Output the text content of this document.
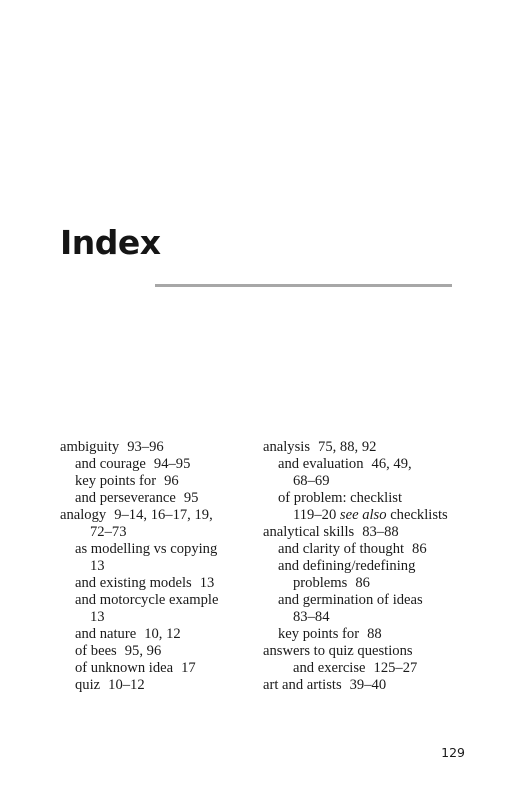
Index
ambiguity 93–96
and courage 94–95
key points for 96
and perseverance 95
analogy 9–14, 16–17, 19,
72–73
as modelling vs copying
13
and existing models 13
and motorcycle example
13
and nature 10, 12
of bees 95, 96
of unknown idea 17
quiz 10–12
analysis 75, 88, 92
and evaluation 46, 49,
68–69
of problem: checklist
119–20 see also checklists
analytical skills 83–88
and clarity of thought 86
and defining/redefining
problems 86
and germination of ideas
83–84
key points for 88
answers to quiz questions
and exercise 125–27
art and artists 39–40
129
